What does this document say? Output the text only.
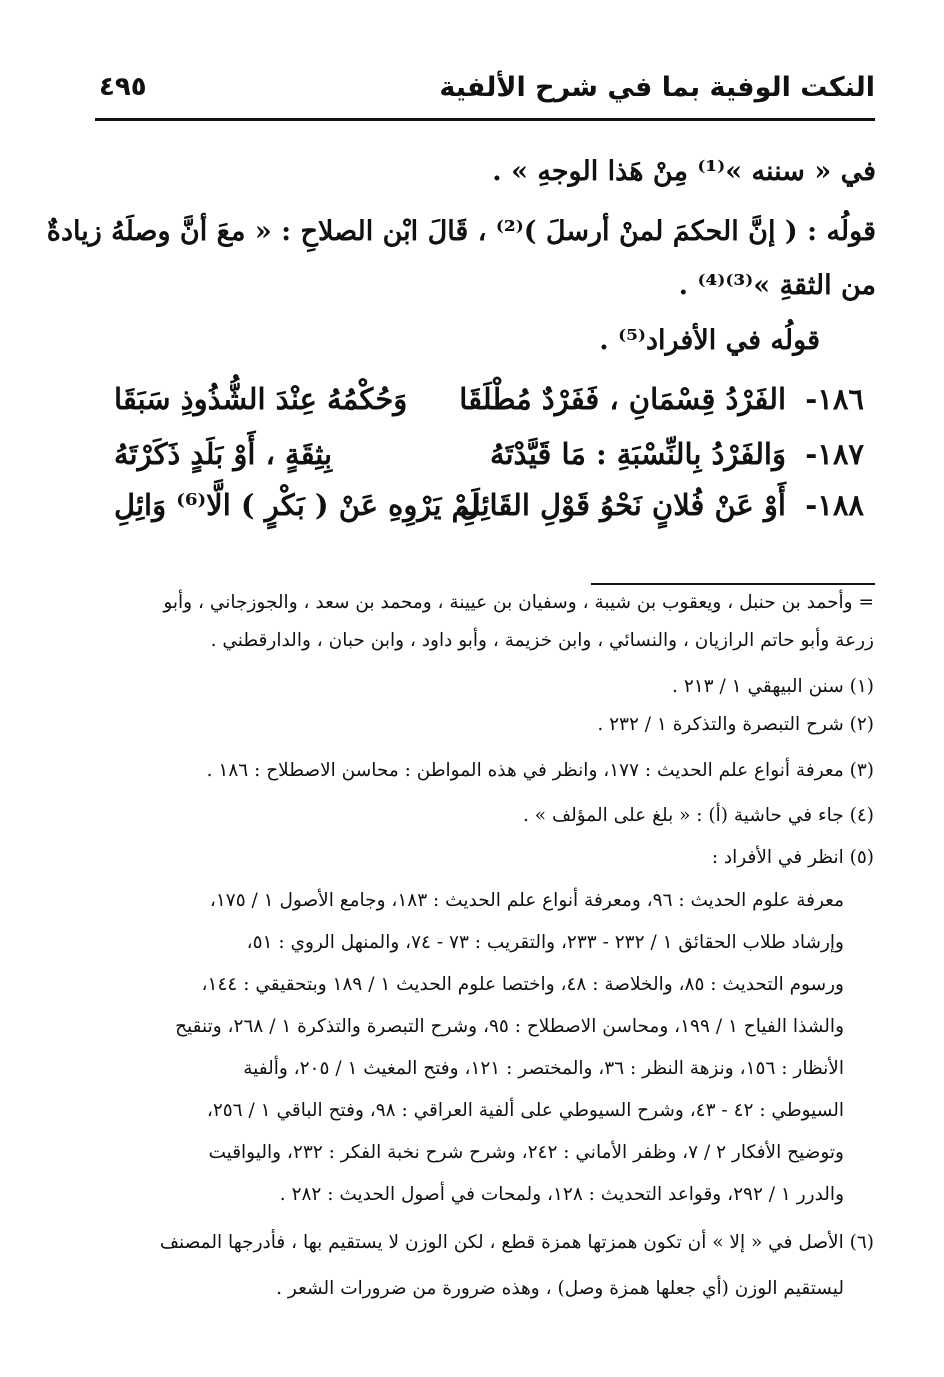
النكت الوفية بما في شرح الألفية
٤٩٥
في « سننه »⁽¹⁾ مِنْ هَذا الوجهِ » .
قولُه : ( إنَّ الحكمَ لمنْ أرسلَ )⁽²⁾ ، قَالَ ابْن الصلاحِ : « معَ أنَّ وصلَهُ زيادةٌ
من الثقةِ »⁽³⁾⁽⁴⁾ .
قولُه في الأفراد⁽⁵⁾ .
١٨٦-
الفَرْدُ قِسْمَانِ ، فَفَرْدٌ مُطْلَقَا
وَحُكْمُهُ عِنْدَ الشُّذُوذِ سَبَقَا
١٨٧-
وَالفَرْدُ بِالنِّسْبَةِ : مَا قَيَّدْتَهُ
بِثِقَةٍ ، أَوْ بَلَدٍ ذَكَرْتَهُ
١٨٨-
أَوْ عَنْ فُلانٍ نَحْوُ قَوْلِ القَائِلِ
لَمْ يَرْوِهِ عَنْ ( بَكْرٍ ) الَّا⁽⁶⁾ وَائِلِ
= وأحمد بن حنبل ، ويعقوب بن شيبة ، وسفيان بن عيينة ، ومحمد بن سعد ، والجوزجاني ، وأبو
زرعة وأبو حاتم الرازيان ، والنسائي ، وابن خزيمة ، وأبو داود ، وابن حبان ، والدارقطني .
(١) سنن البيهقي ١ / ٢١٣ .
(٢) شرح التبصرة والتذكرة ١ / ٢٣٢ .
(٣) معرفة أنواع علم الحديث : ١٧٧، وانظر في هذه المواطن : محاسن الاصطلاح : ١٨٦ .
(٤) جاء في حاشية (أ) : « بلغ على المؤلف » .
(٥) انظر في الأفراد :
معرفة علوم الحديث : ٩٦، ومعرفة أنواع علم الحديث : ١٨٣، وجامع الأصول ١ / ١٧٥،
وإرشاد طلاب الحقائق ١ / ٢٣٢ - ٢٣٣، والتقريب : ٧٣ - ٧٤، والمنهل الروي : ٥١،
ورسوم التحديث : ٨٥، والخلاصة : ٤٨، واختصا علوم الحديث ١ / ١٨٩ وبتحقيقي : ١٤٤،
والشذا الفياح ١ / ١٩٩، ومحاسن الاصطلاح : ٩٥، وشرح التبصرة والتذكرة ١ / ٢٦٨، وتنقيح
الأنظار : ١٥٦، ونزهة النظر : ٣٦، والمختصر : ١٢١، وفتح المغيث ١ / ٢٠٥، وألفية
السيوطي : ٤٢ - ٤٣، وشرح السيوطي على ألفية العراقي : ٩٨، وفتح الباقي ١ / ٢٥٦،
وتوضيح الأفكار ٢ / ٧، وظفر الأماني : ٢٤٢، وشرح شرح نخبة الفكر : ٢٣٢، واليواقيت
والدرر ١ / ٢٩٢، وقواعد التحديث : ١٢٨، ولمحات في أصول الحديث : ٢٨٢ .
(٦) الأصل في « إلا » أن تكون همزتها همزة قطع ، لكن الوزن لا يستقيم بها ، فأدرجها المصنف
ليستقيم الوزن (أي جعلها همزة وصل) ، وهذه ضرورة من ضرورات الشعر .
